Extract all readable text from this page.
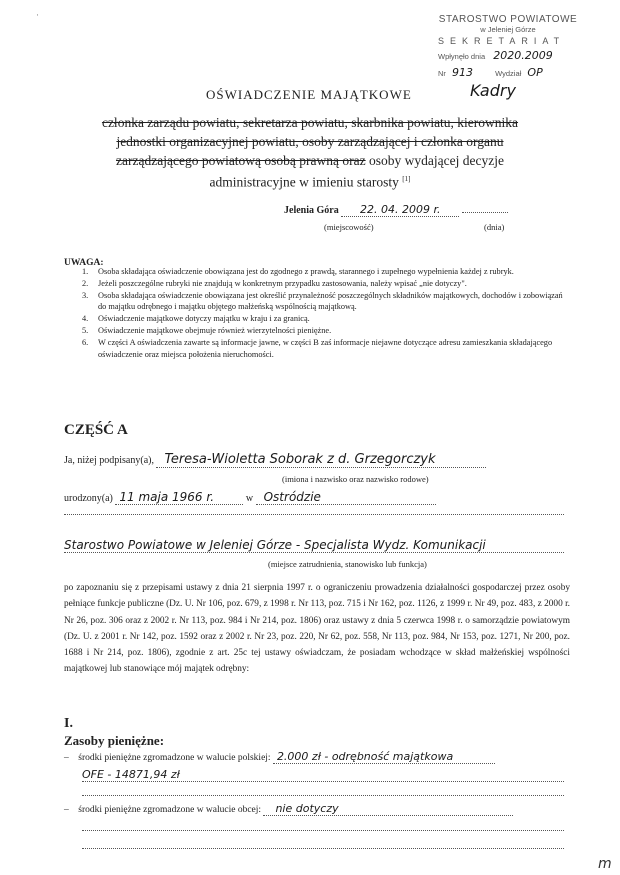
STAROSTWO POWIATOWE
w Jeleniej Górze
SEKRETARIAT
Wpłynęło dnia 2020.2009
Nr 913	Wydział OP
Kadry
·
OŚWIADCZENIE MAJĄTKOWE
członka zarządu powiatu, sekretarza powiatu, skarbnika powiatu, kierownika
jednostki organizacyjnej powiatu, osoby zarządzającej i członka organu
zarządzającego powiatową osobą prawną oraz osoby wydającej decyzje
administracyjne w imieniu starosty [1]
Jelenia Góra 22. 04. 2009 r.
(miejscowość)	(dnia)
UWAGA:
1.	Osoba składająca oświadczenie obowiązana jest do zgodnego z prawdą, starannego i zupełnego wypełnienia każdej z rubryk.
2.	Jeżeli poszczególne rubryki nie znajdują w konkretnym przypadku zastosowania, należy wpisać „nie dotyczy".
3.	Osoba składająca oświadczenie obowiązana jest określić przynależność poszczególnych składników majątkowych, dochodów i zobowiązań do majątku odrębnego i majątku objętego małżeńską wspólnością majątkową.
4.	Oświadczenie majątkowe dotyczy majątku w kraju i za granicą.
5.	Oświadczenie majątkowe obejmuje również wierzytelności pieniężne.
6.	W części A oświadczenia zawarte są informacje jawne, w części B zaś informacje niejawne dotyczące adresu zamieszkania składającego oświadczenie oraz miejsca położenia nieruchomości.
CZĘŚĆ A
Ja, niżej podpisany(a), Teresa-Wioletta Soborak z d. Grzegorczyk
(imiona i nazwisko oraz nazwisko rodowe)
urodzony(a) 11 maja 1966 r.	w Ostródzie
Starostwo Powiatowe w Jeleniej Górze - Specjalista Wydz. Komunikacji
(miejsce zatrudnienia, stanowisko lub funkcja)
po zapoznaniu się z przepisami ustawy z dnia 21 sierpnia 1997 r. o ograniczeniu prowadzenia działalności gospodarczej przez osoby pełniące funkcje publiczne (Dz. U. Nr 106, poz. 679, z 1998 r. Nr 113, poz. 715 i Nr 162, poz. 1126, z 1999 r. Nr 49, poz. 483, z 2000 r. Nr 26, poz. 306 oraz z 2002 r. Nr 113, poz. 984 i Nr 214, poz. 1806) oraz ustawy z dnia 5 czerwca 1998 r. o samorządzie powiatowym (Dz. U. z 2001 r. Nr 142, poz. 1592 oraz z 2002 r. Nr 23, poz. 220, Nr 62, poz. 558, Nr 113, poz. 984, Nr 153, poz. 1271, Nr 200, poz. 1688 i Nr 214, poz. 1806), zgodnie z art. 25c tej ustawy oświadczam, że posiadam wchodzące w skład małżeńskiej wspólności majątkowej lub stanowiące mój majątek odrębny:
I.
Zasoby pieniężne:
–    środki pieniężne zgromadzone w walucie polskiej: 2.000 zł - odrębność majątkowa
OFE - 14871,94 zł
–    środki pieniężne zgromadzone w walucie obcej: nie dotyczy
m
